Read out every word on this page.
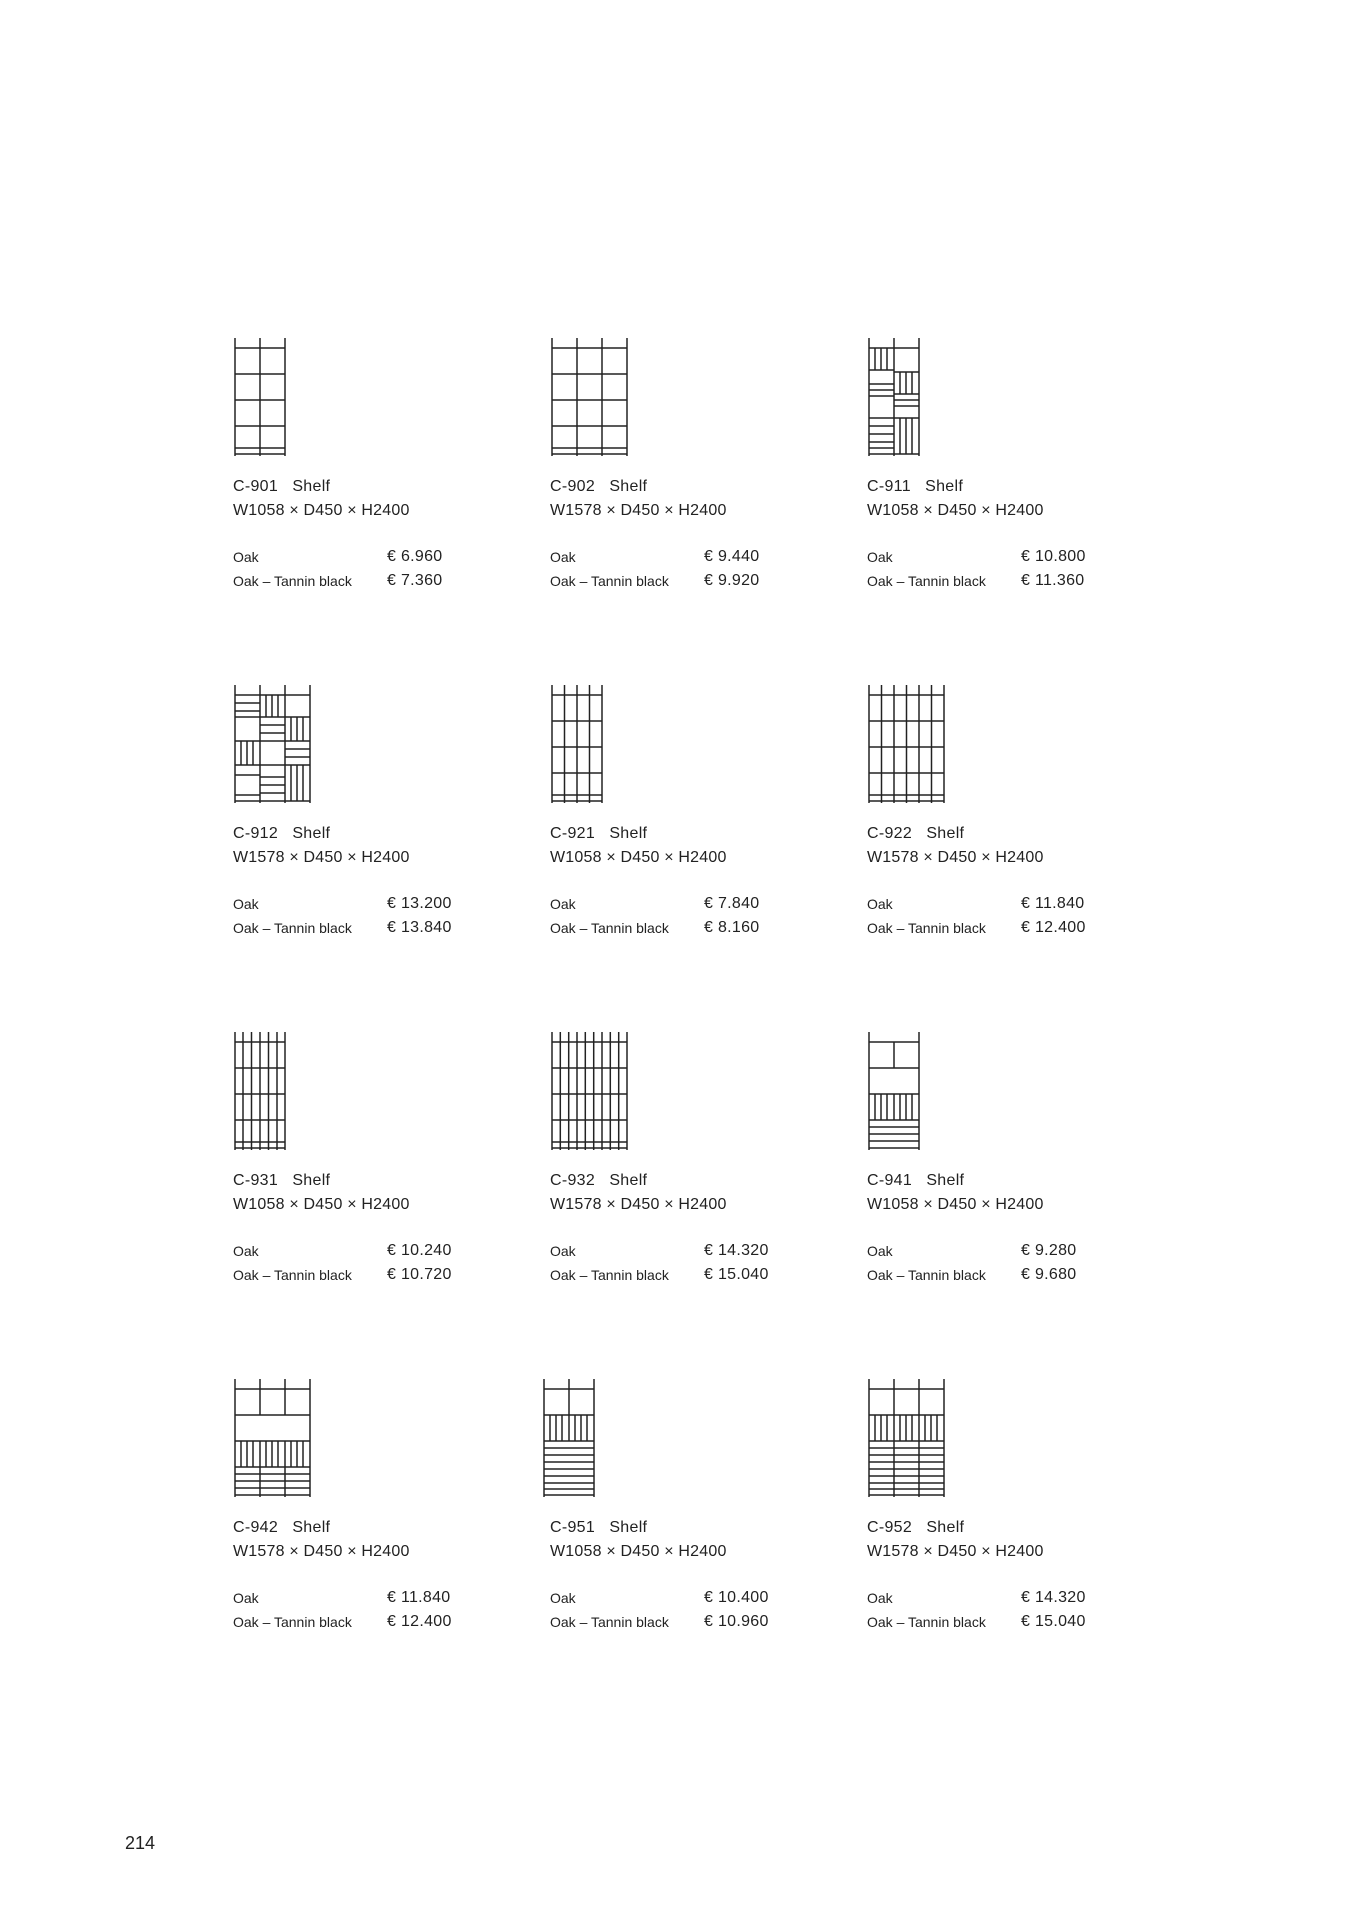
C-901 Shelf
W1058 × D450 × H2400
Oak	€ 6.960
Oak – Tannin black € 7.360
C-902 Shelf
W1578 × D450 × H2400
Oak	€ 9.440
Oak – Tannin black € 9.920
C-911 Shelf
W1058 × D450 × H2400
Oak	€ 10.800
Oak – Tannin black € 11.360
C-912 Shelf
W1578 × D450 × H2400
Oak	€ 13.200
Oak – Tannin black € 13.840
C-921 Shelf
W1058 × D450 × H2400
Oak	€ 7.840
Oak – Tannin black € 8.160
C-922 Shelf
W1578 × D450 × H2400
Oak	€ 11.840
Oak – Tannin black € 12.400
C-931 Shelf
W1058 × D450 × H2400
Oak	€ 10.240
Oak – Tannin black € 10.720
C-932 Shelf
W1578 × D450 × H2400
Oak	€ 14.320
Oak – Tannin black € 15.040
C-941 Shelf
W1058 × D450 × H2400
Oak	€ 9.280
Oak – Tannin black € 9.680
C-942 Shelf
W1578 × D450 × H2400
Oak	€ 11.840
Oak – Tannin black € 12.400
C-951 Shelf
W1058 × D450 × H2400
Oak	€ 10.400
Oak – Tannin black € 10.960
C-952 Shelf
W1578 × D450 × H2400
Oak	€ 14.320
Oak – Tannin black € 15.040
214
